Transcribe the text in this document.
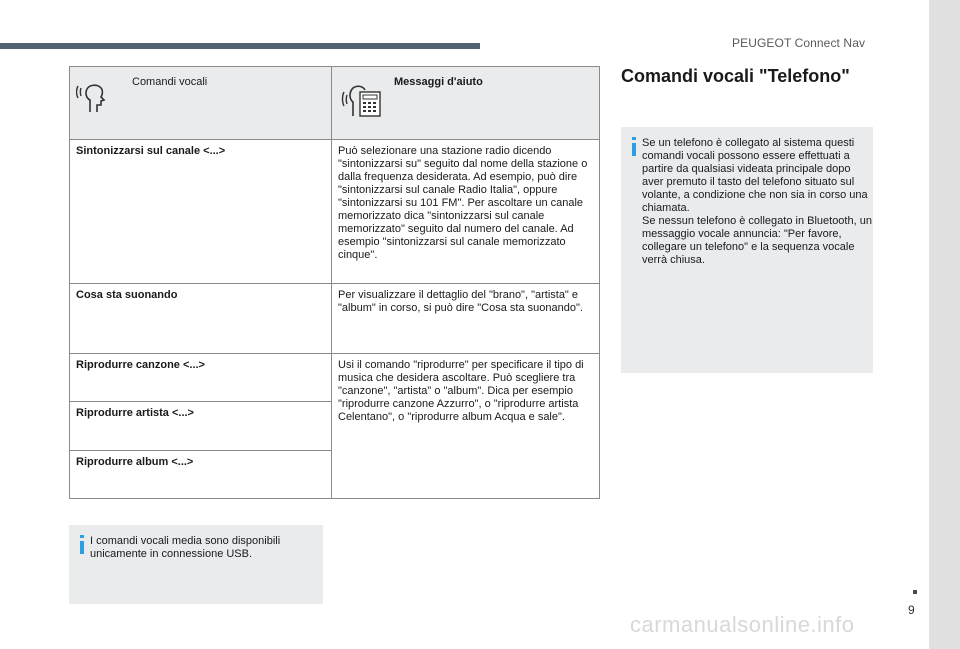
PEUGEOT Connect Nav
Comandi vocali	Messaggi d'aiuto

Sintonizzarsi sul canale <...>	Può selezionare una stazione radio dicendo "sintonizzarsi su" seguito dal nome della stazione o dalla frequenza desiderata. Ad esempio, può dire "sintonizzarsi sul canale Radio Italia", oppure "sintonizzarsi su 101 FM". Per ascoltare un canale memorizzato dica "sintonizzarsi sul canale memorizzato" seguito dal numero del canale. Ad esempio "sintonizzarsi sul canale memorizzato cinque".
Cosa sta suonando	Per visualizzare il dettaglio del "brano", "artista" e "album" in corso, si può dire "Cosa sta suonando".
Riprodurre canzone <...>	Usi il comando "riprodurre" per specificare il tipo di musica che desidera ascoltare. Può scegliere tra "canzone", "artista" o "album". Dica per esempio "riprodurre canzone Azzurro", o "riprodurre artista Celentano", o "riprodurre album Acqua e sale".
Riprodurre artista <...>	
Riprodurre album <...>	
I comandi vocali media sono disponibili unicamente in connessione USB.
Comandi vocali "Telefono"
Se un telefono è collegato al sistema questi comandi vocali possono essere effettuati a partire da qualsiasi videata principale dopo aver premuto il tasto del telefono situato sul volante, a condizione che non sia in corso una chiamata.
Se nessun telefono è collegato in Bluetooth, un messaggio vocale annuncia: "Per favore, collegare un telefono" e la sequenza vocale verrà chiusa.
9
carmanualsonline.info
